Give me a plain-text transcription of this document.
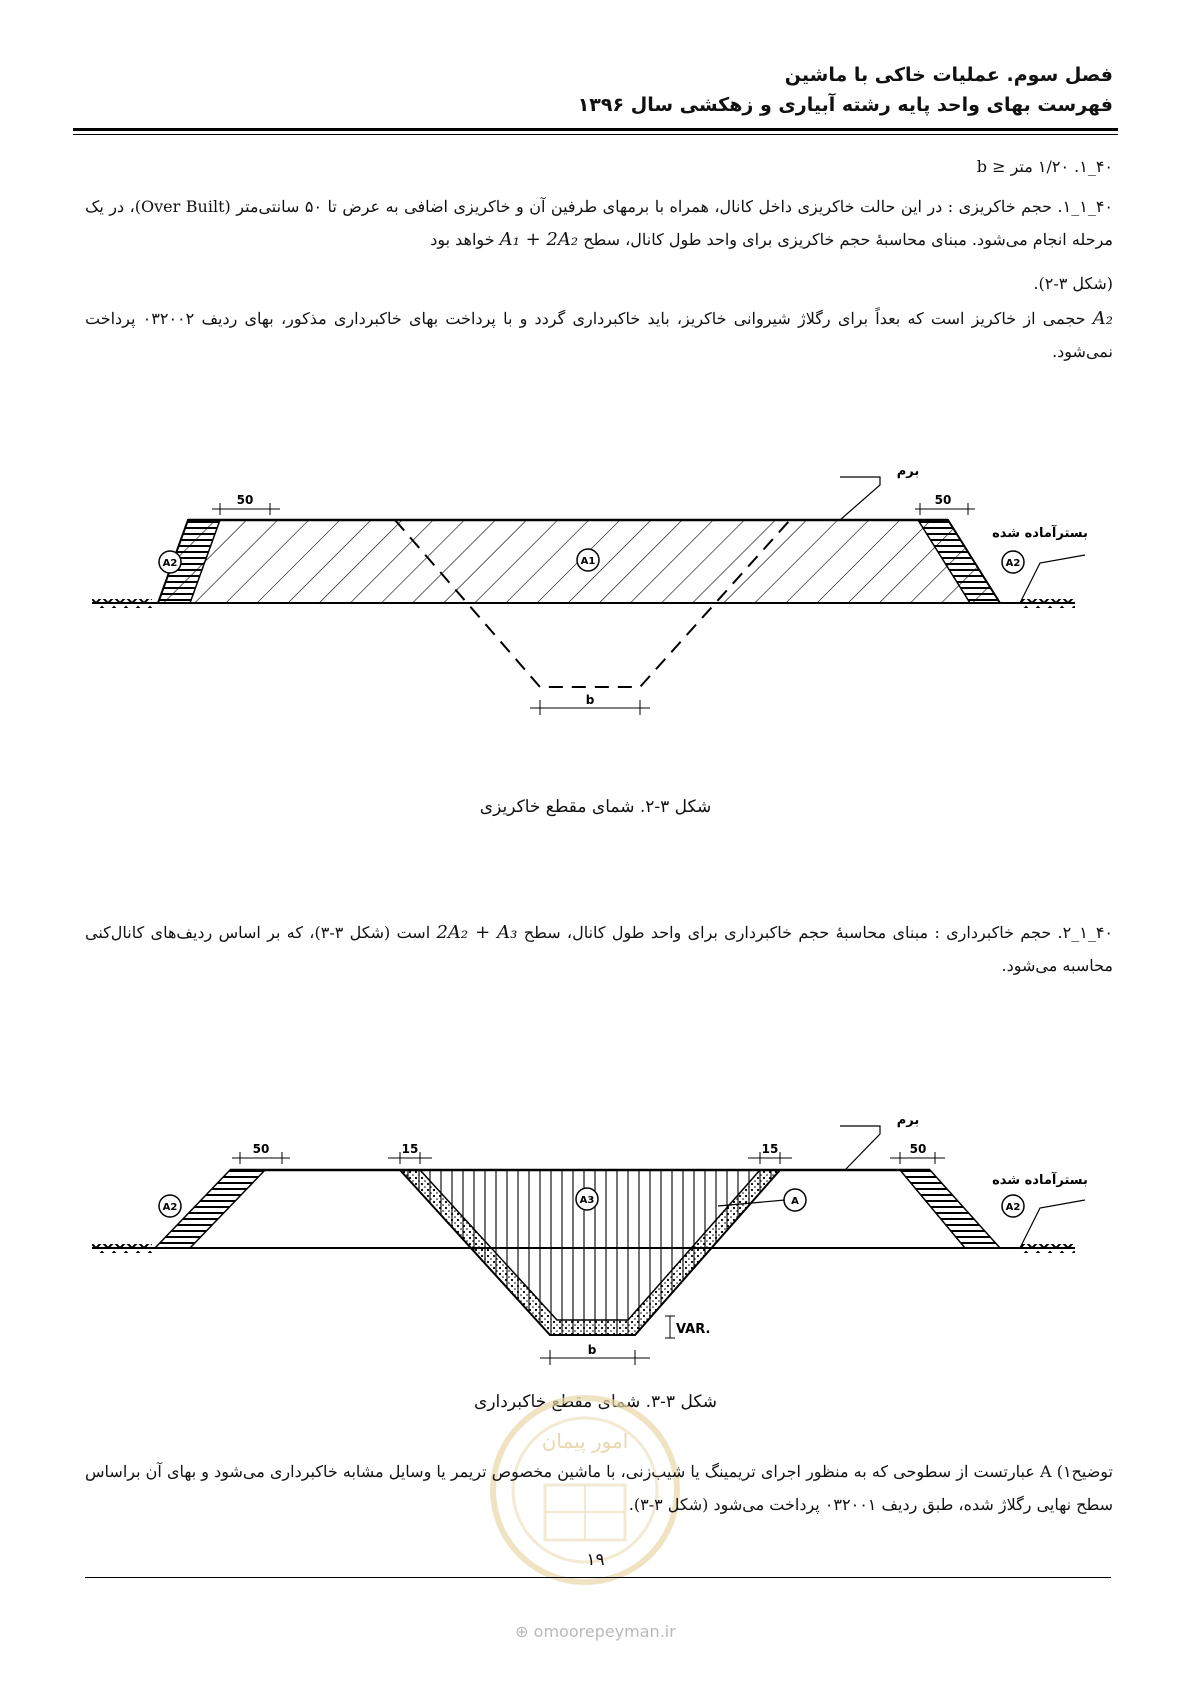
فصل سوم. عملیات خاکی با ماشین
فهرست بهای واحد پایه رشته آبیاری و زهکشی سال ۱۳۹۶
۴۰_۱. ۱/۲۰ متر ≤ b
۴۰_۱_۱. حجم خاکریزی : در این حالت خاکریزی داخل کانال، همراه با برمهای طرفین آن و خاکریزی اضافی به عرض تا ۵۰ سانتی‌متر (Over Built)، در یک مرحله انجام می‌شود. مبنای محاسبهٔ حجم خاکریزی برای واحد طول کانال، سطح A₁ + 2A₂ خواهد بود
(شکل ۳-۲).
A₂ حجمی از خاکریز است که بعداً برای رگلاژ شیروانی خاکریز، باید خاکبرداری گردد و با پرداخت بهای خاکبرداری مذکور، بهای ردیف ۰۳۲۰۰۲ پرداخت نمی‌شود.
50	50
برم
بسترآماده شده
A2	A2
A1
b
شکل ۳-۲. شمای مقطع خاکریزی
۴۰_۱_۲. حجم خاکبرداری : مبنای محاسبهٔ حجم خاکبرداری برای واحد طول کانال، سطح 2A₂ + A₃ است (شکل ۳-۳)، که بر اساس ردیف‌های کانال‌کنی محاسبه می‌شود.
50	15	15	50
برم
بسترآماده شده
A2	A2
A3	A
VAR.
b
شکل ۳-۳. شمای مقطع خاکبرداری
امور پیمان
توضیح۱) A عبارتست از سطوحی که به منظور اجرای تریمینگ یا شیب‌زنی، با ماشین مخصوص تریمر یا وسایل مشابه خاکبرداری می‌شود و بهای آن براساس سطح نهایی رگلاژ شده، طبق ردیف ۰۳۲۰۰۱ پرداخت می‌شود (شکل ۳-۳).
۱۹
⊕ omoorepeyman.ir
